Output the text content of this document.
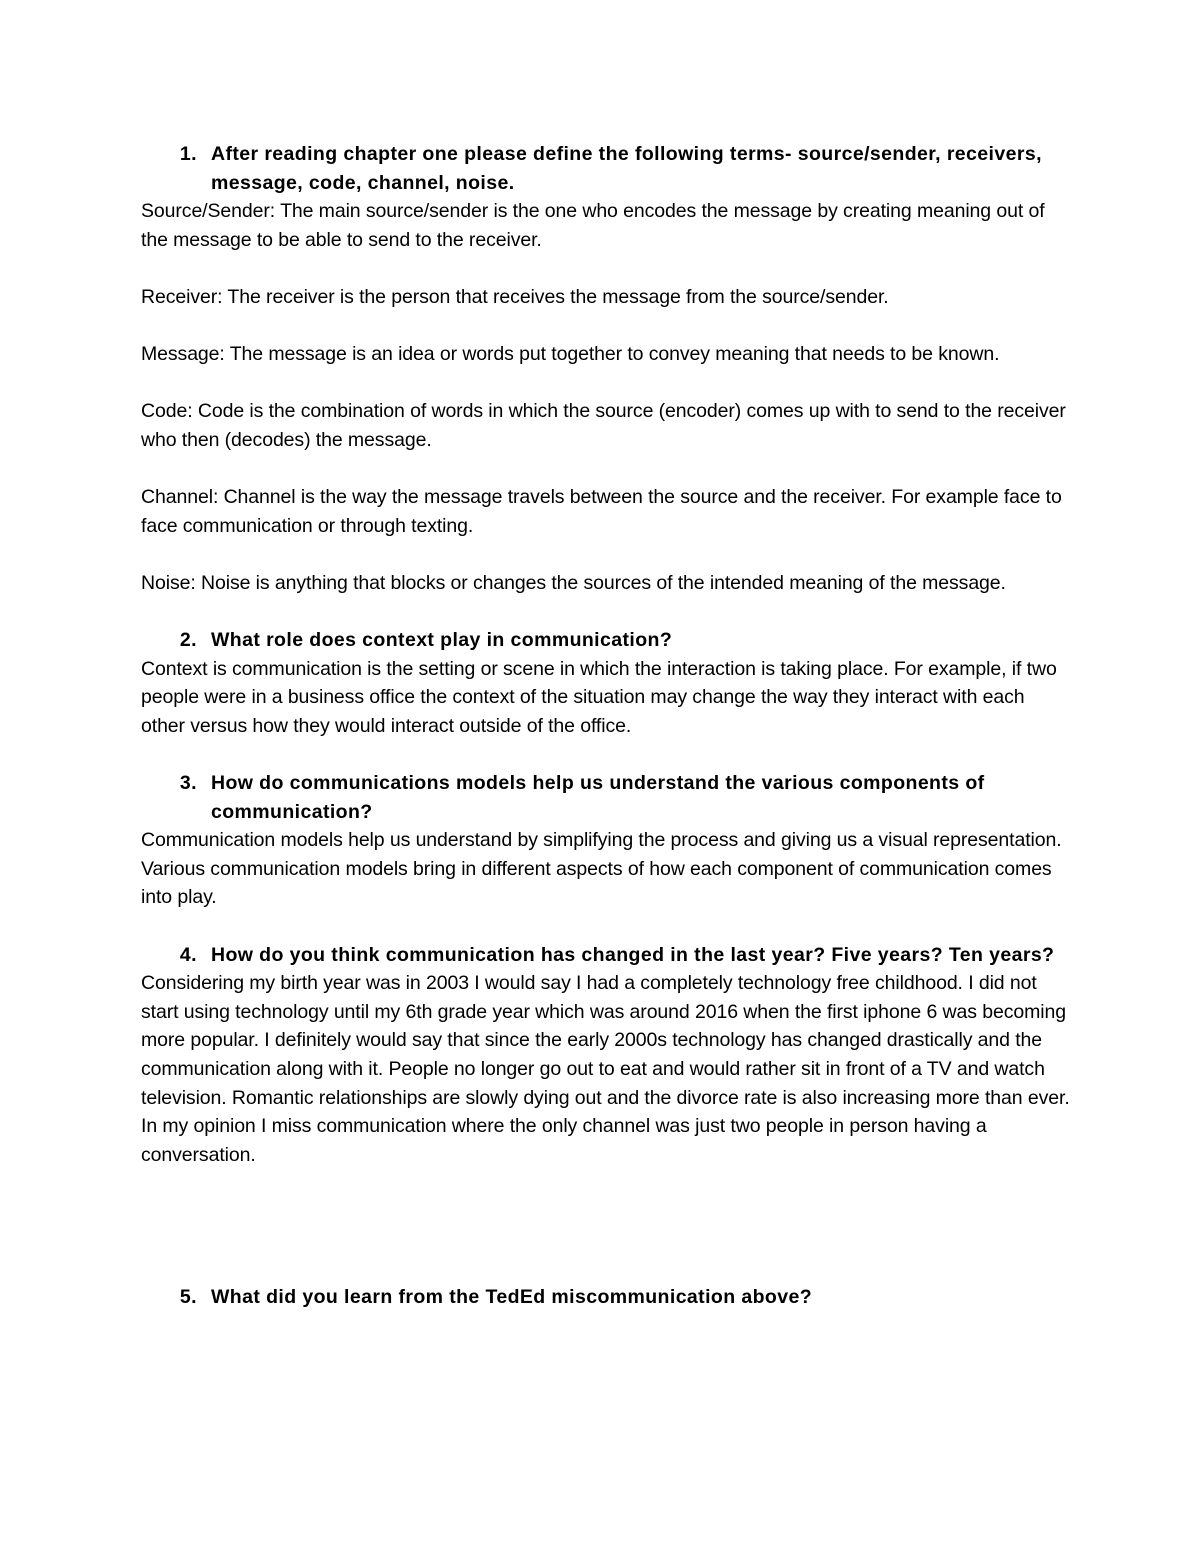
1. After reading chapter one please define the following terms- source/sender, receivers, message, code, channel, noise.

Source/Sender: The main source/sender is the one who encodes the message by creating meaning out of the message to be able to send to the receiver.

Receiver: The receiver is the person that receives the message from the source/sender.

Message: The message is an idea or words put together to convey meaning that needs to be known.

Code: Code is the combination of words in which the source (encoder) comes up with to send to the receiver who then (decodes) the message.

Channel: Channel is the way the message travels between the source and the receiver. For example face to face communication or through texting.

Noise: Noise is anything that blocks or changes the sources of the intended meaning of the message.

2. What role does context play in communication?

Context is communication is the setting or scene in which the interaction is taking place. For example, if two people were in a business office the context of the situation may change the way they interact with each other versus how they would interact outside of the office.

3. How do communications models help us understand the various components of communication?

Communication models help us understand by simplifying the process and giving us a visual representation. Various communication models bring in different aspects of how each component of communication comes into play.

4. How do you think communication has changed in the last year? Five years? Ten years?

Considering my birth year was in 2003 I would say I had a completely technology free childhood. I did not start using technology until my 6th grade year which was around 2016 when the first iphone 6 was becoming more popular. I definitely would say that since the early 2000s technology has changed drastically and the communication along with it. People no longer go out to eat and would rather sit in front of a TV and watch television. Romantic relationships are slowly dying out and the divorce rate is also increasing more than ever. In my opinion I miss communication where the only channel was just two people in person having a conversation.

5. What did you learn from the TedEd miscommunication above?
